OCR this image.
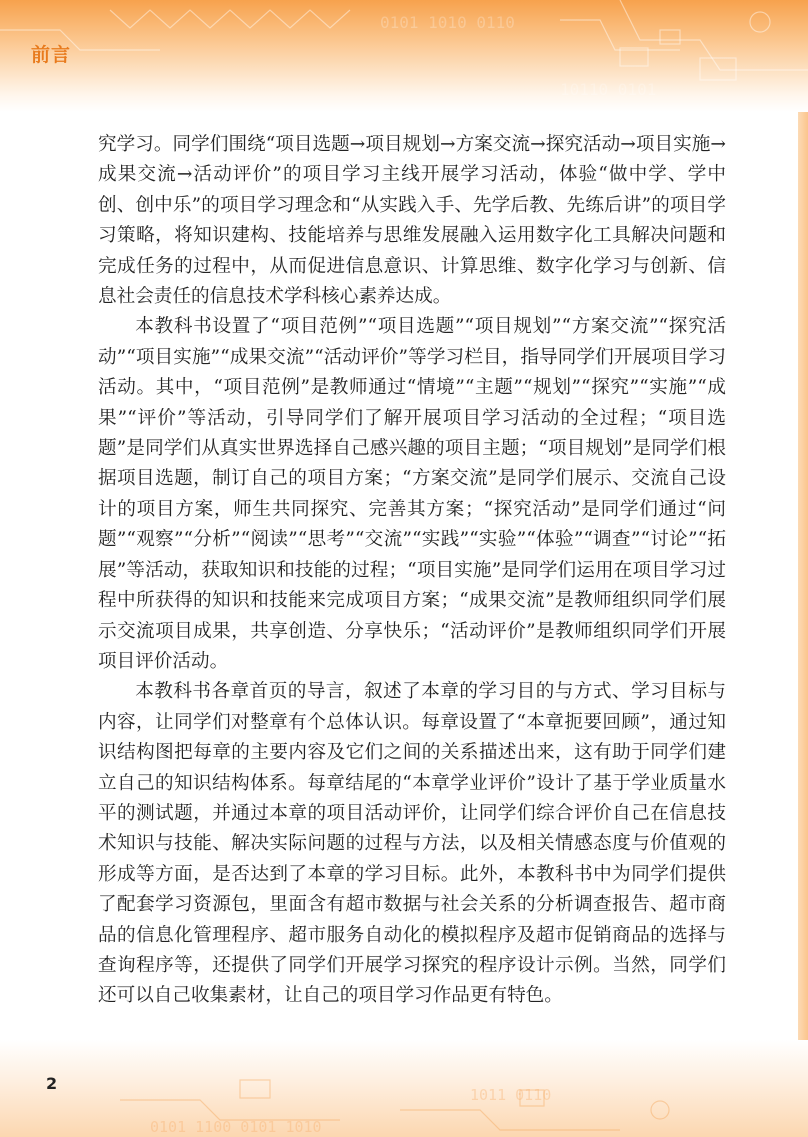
0101 1010 0110
10110 0101
前言

究学习。同学们围绕“项目选题→项目规划→方案交流→探究活动→项目实施→成果交流→活动评价”的项目学习主线开展学习活动，体验“做中学、学中创、创中乐”的项目学习理念和“从实践入手、先学后教、先练后讲”的项目学习策略，将知识建构、技能培养与思维发展融入运用数字化工具解决问题和完成任务的过程中，从而促进信息意识、计算思维、数字化学习与创新、信息社会责任的信息技术学科核心素养达成。

本教科书设置了“项目范例”“项目选题”“项目规划”“方案交流”“探究活动”“项目实施”“成果交流”“活动评价”等学习栏目，指导同学们开展项目学习活动。其中，“项目范例”是教师通过“情境”“主题”“规划”“探究”“实施”“成果”“评价”等活动，引导同学们了解开展项目学习活动的全过程；“项目选题”是同学们从真实世界选择自己感兴趣的项目主题；“项目规划”是同学们根据项目选题，制订自己的项目方案；“方案交流”是同学们展示、交流自己设计的项目方案，师生共同探究、完善其方案；“探究活动”是同学们通过“问题”“观察”“分析”“阅读”“思考”“交流”“实践”“实验”“体验”“调查”“讨论”“拓展”等活动，获取知识和技能的过程；“项目实施”是同学们运用在项目学习过程中所获得的知识和技能来完成项目方案；“成果交流”是教师组织同学们展示交流项目成果，共享创造、分享快乐；“活动评价”是教师组织同学们开展项目评价活动。

本教科书各章首页的导言，叙述了本章的学习目的与方式、学习目标与内容，让同学们对整章有个总体认识。每章设置了“本章扼要回顾”，通过知识结构图把每章的主要内容及它们之间的关系描述出来，这有助于同学们建立自己的知识结构体系。每章结尾的“本章学业评价”设计了基于学业质量水平的测试题，并通过本章的项目活动评价，让同学们综合评价自己在信息技术知识与技能、解决实际问题的过程与方法，以及相关情感态度与价值观的形成等方面，是否达到了本章的学习目标。此外，本教科书中为同学们提供了配套学习资源包，里面含有超市数据与社会关系的分析调查报告、超市商品的信息化管理程序、超市服务自动化的模拟程序及超市促销商品的选择与查询程序等，还提供了同学们开展学习探究的程序设计示例。当然，同学们还可以自己收集素材，让自己的项目学习作品更有特色。

0101 1100 0101 1010
1011 0110
2
